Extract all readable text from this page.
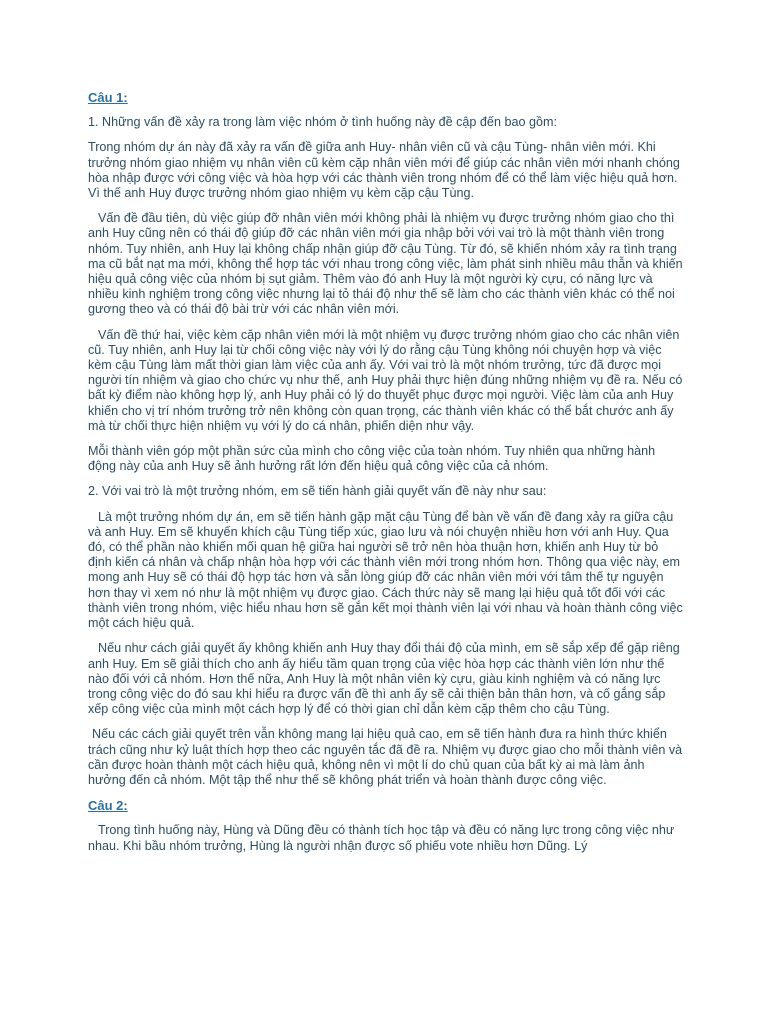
Câu 1:

1. Những vấn đề xảy ra trong làm việc nhóm ở tình huống này đề cập đến bao gồm:

Trong nhóm dự án này đã xảy ra vấn đề giữa anh Huy- nhân viên cũ và cậu Tùng- nhân viên mới. Khi trưởng nhóm giao nhiệm vụ nhân viên cũ kèm cặp nhân viên mới để giúp các nhân viên mới nhanh chóng hòa nhập được với công việc và hòa hợp với các thành viên trong nhóm để có thể làm việc hiệu quả hơn. Vì thế anh Huy được trưởng nhóm giao nhiệm vụ kèm cặp cậu Tùng.

Vấn đề đầu tiên, dù việc giúp đỡ nhân viên mới không phải là nhiệm vụ được trưởng nhóm giao cho thì anh Huy cũng nên có thái độ giúp đỡ các nhân viên mới gia nhập bởi với vai trò là một thành viên trong nhóm. Tuy nhiên, anh Huy lại không chấp nhận giúp đỡ cậu Tùng. Từ đó, sẽ khiến nhóm xảy ra tình trạng ma cũ bắt nạt ma mới, không thể hợp tác với nhau trong công việc, làm phát sinh nhiều mâu thẫn và khiến hiệu quả công việc của nhóm bị sụt giảm. Thêm vào đó anh Huy là một người kỳ cựu, có năng lực và nhiều kinh nghiệm trong công việc nhưng lại tỏ thái độ như thế sẽ làm cho các thành viên khác có thể noi gương theo và có thái độ bài trừ với các nhân viên mới.

Vấn đề thứ hai, việc kèm cặp nhân viên mới là một nhiệm vụ được trưởng nhóm giao cho các nhân viên cũ. Tuy nhiên, anh Huy lại từ chối công việc này với lý do rằng cậu Tùng không nói chuyện hợp và việc kèm cậu Tùng làm mất thời gian làm việc của anh ấy. Với vai trò là một nhóm trưởng, tức đã được mọi người tín nhiệm và giao cho chức vụ như thế, anh Huy phải thực hiện đúng những nhiệm vụ đề ra. Nếu có bất kỳ điểm nào không hợp lý, anh Huy phải có lý do thuyết phục được mọi người. Việc làm của anh Huy khiến cho vị trí nhóm trưởng trở nên không còn quan trọng, các thành viên khác có thể bắt chước anh ấy mà từ chối thực hiện nhiệm vụ với lý do cá nhân, phiến diện như vậy.

Mỗi thành viên góp một phần sức của mình cho công việc của toàn nhóm. Tuy nhiên qua những hành động này của anh Huy sẽ ảnh hưởng rất lớn đến hiệu quả công việc của cả nhóm.

2. Với vai trò là một trưởng nhóm, em sẽ tiến hành giải quyết vấn đề này như sau:

Là một trưởng nhóm dự án, em sẽ tiến hành gặp mặt cậu Tùng để bàn về vấn đề đang xảy ra giữa cậu và anh Huy. Em sẽ khuyến khích cậu Tùng tiếp xúc, giao lưu và nói chuyện nhiều hơn với anh Huy. Qua đó, có thể phần nào khiến mối quan hệ giữa hai người sẽ trở nên hòa thuận hơn, khiến anh Huy từ bỏ định kiến cá nhân và chấp nhận hòa hợp với các thành viên mới trong nhóm hơn. Thông qua việc này, em mong anh Huy sẽ có thái độ hợp tác hơn và sẵn lòng giúp đỡ các nhân viên mới với tâm thế tự nguyện hơn thay vì xem nó như là một nhiệm vụ được giao. Cách thức này sẽ mang lại hiệu quả tốt đối với các thành viên trong nhóm, việc hiểu nhau hơn sẽ gắn kết mọi thành viên lại với nhau và hoàn thành công việc một cách hiệu quả.

Nếu như cách giải quyết ấy không khiến anh Huy thay đổi thái độ của mình, em sẽ sắp xếp để gặp riêng anh Huy. Em sẽ giải thích cho anh ấy hiểu tầm quan trọng của việc hòa hợp các thành viên lớn như thế nào đối với cả nhóm. Hơn thế nữa, Anh Huy là một nhân viên kỳ cựu, giàu kinh nghiệm và có năng lực trong công việc do đó sau khi hiểu ra được vấn đề thì anh ấy sẽ cải thiện bản thân hơn, và cố gắng sắp xếp công việc của mình một cách hợp lý để có thời gian chỉ dẫn kèm cặp thêm cho cậu Tùng.

Nếu các cách giải quyết trên vẫn không mang lại hiệu quả cao, em sẽ tiến hành đưa ra hình thức khiển trách cũng như kỷ luật thích hợp theo các nguyên tắc đã đề ra. Nhiệm vụ được giao cho mỗi thành viên và cần được hoàn thành một cách hiệu quả, không nên vì một lí do chủ quan của bất kỳ ai mà làm ảnh hưởng đến cả nhóm. Một tập thể như thế sẽ không phát triển và hoàn thành được công việc.

Câu 2:

Trong tình huống này, Hùng và Dũng đều có thành tích học tập và đều có năng lực trong công việc như nhau. Khi bầu nhóm trưởng, Hùng là người nhận được số phiếu vote nhiều hơn Dũng. Lý
